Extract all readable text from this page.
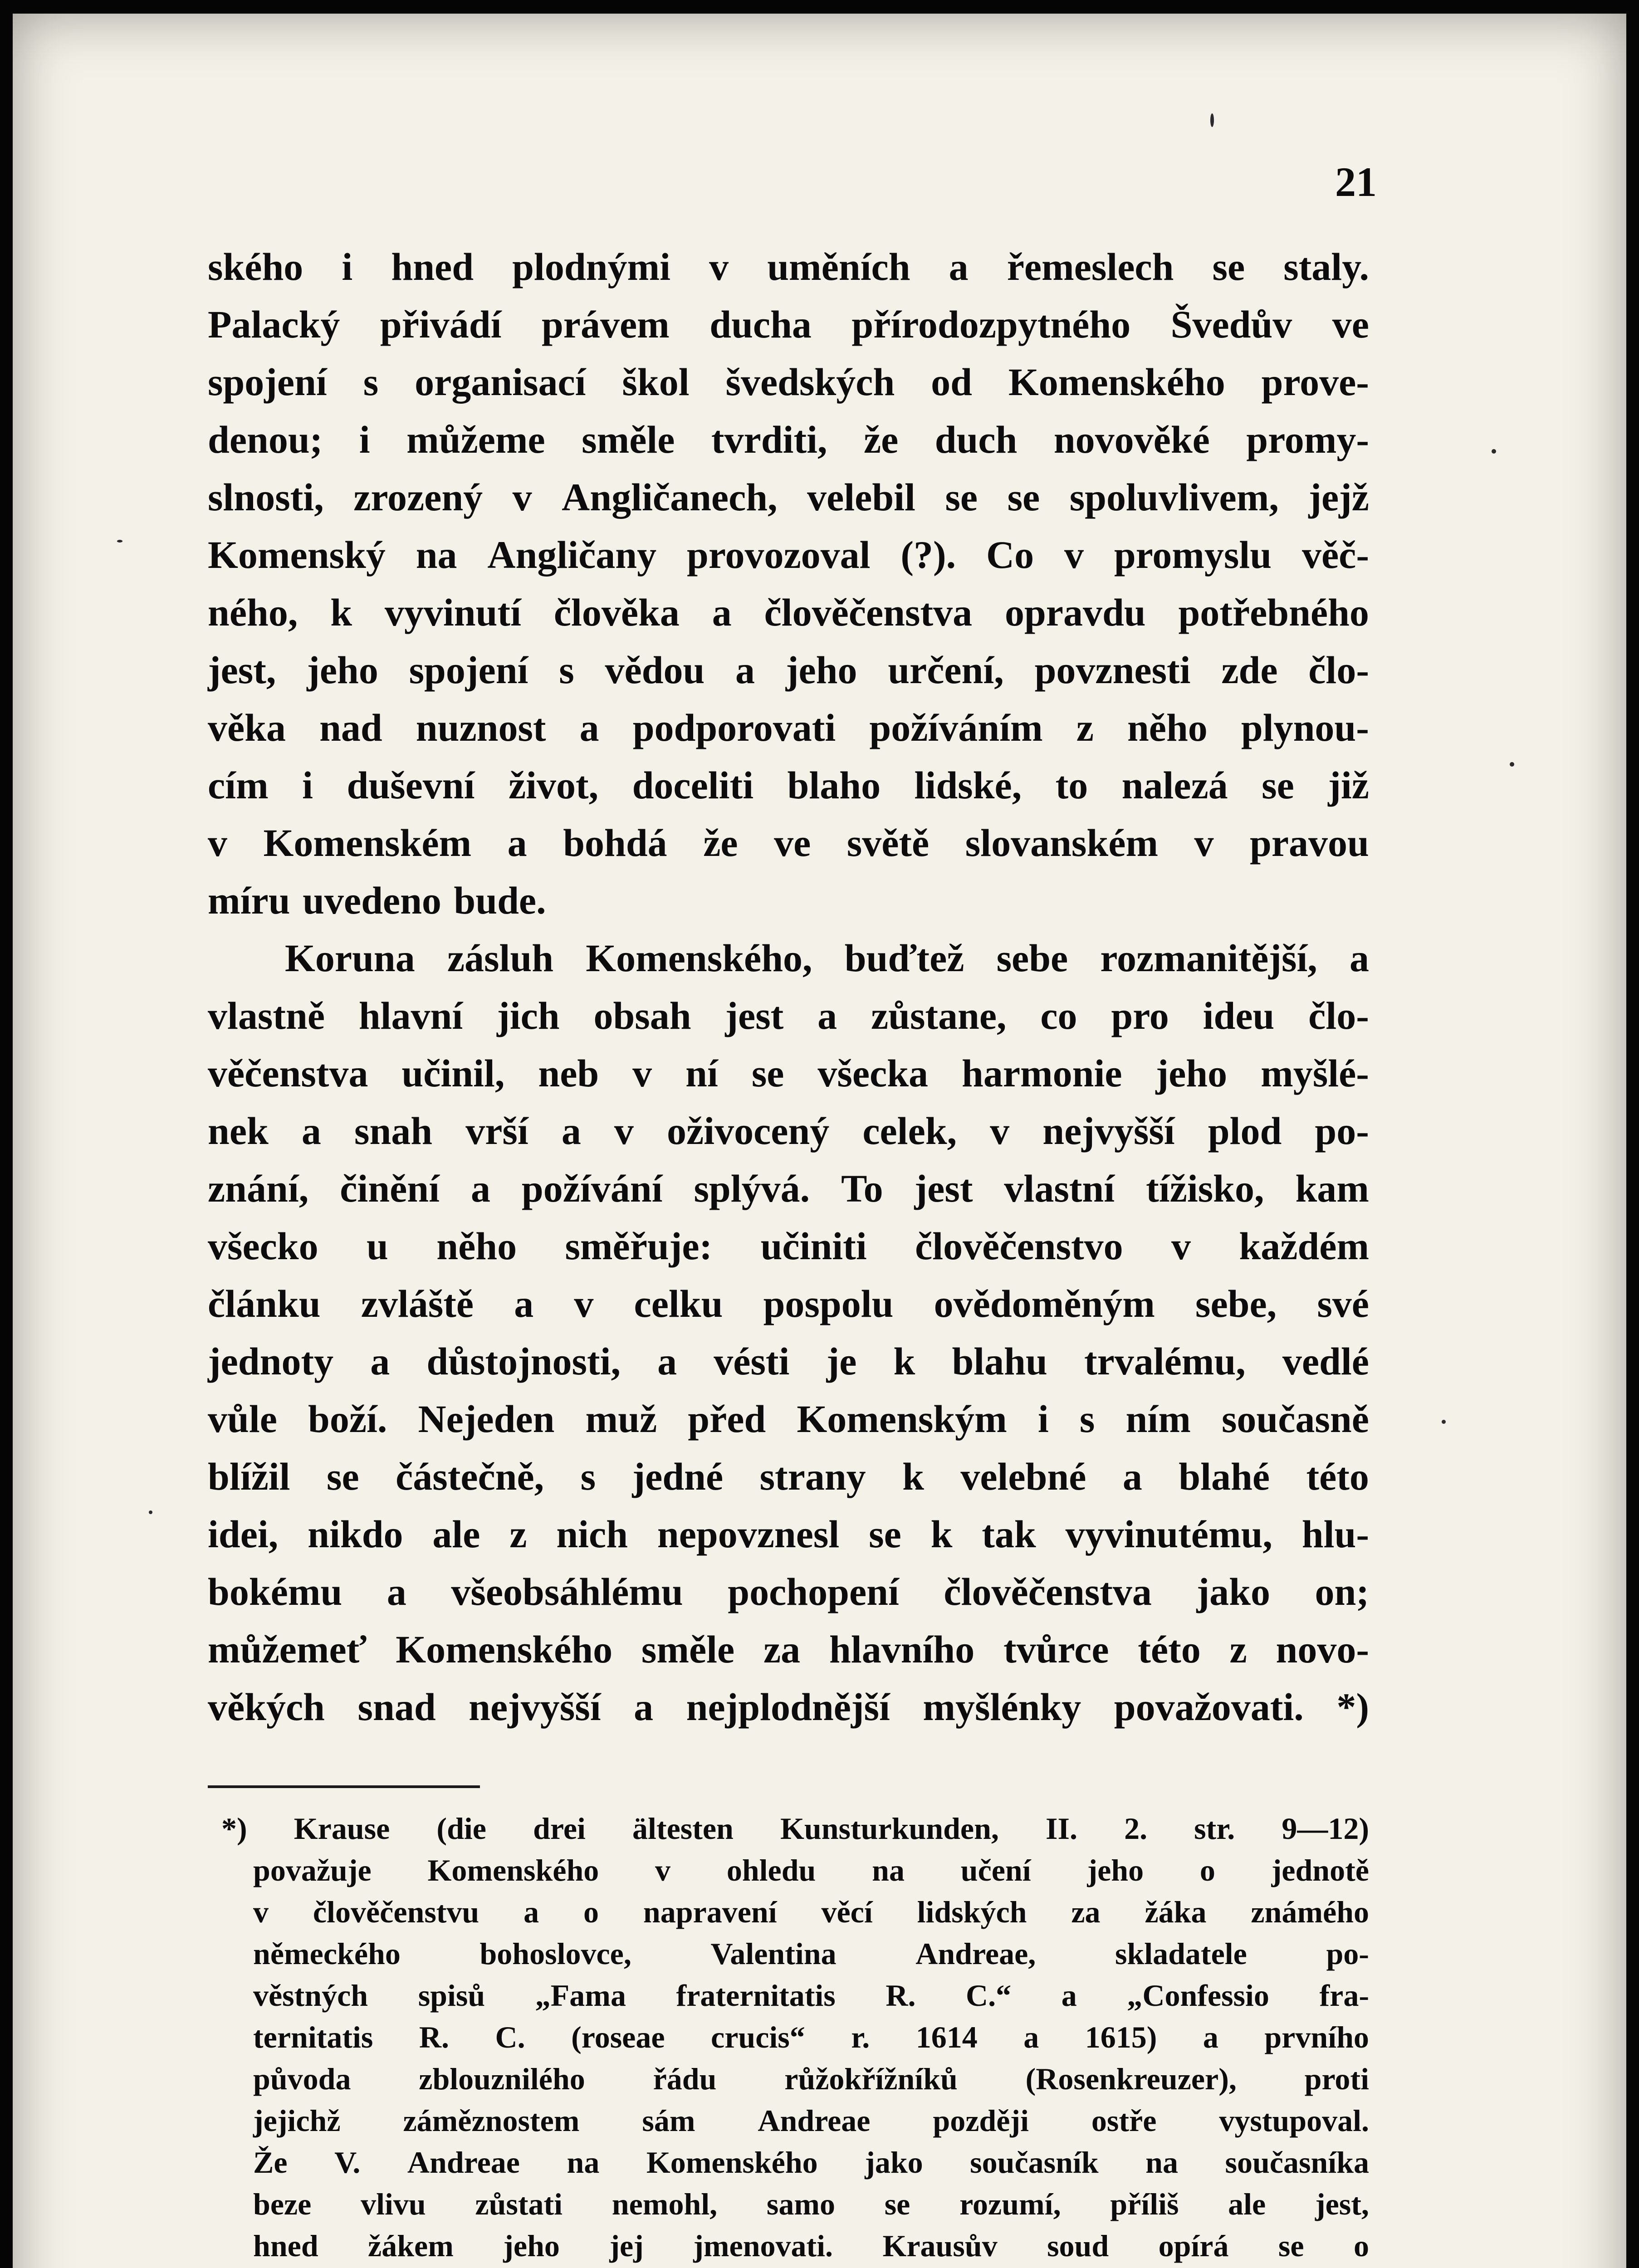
21
ského i hned plodnými v uměních a řemeslech se staly.
Palacký přivádí právem ducha přírodozpytného Švedův ve
spojení s organisací škol švedských od Komenského prove-
denou; i můžeme směle tvrditi, že duch novověké promy-
slnosti, zrozený v Angličanech, velebil se se spoluvlivem, jejž
Komenský na Angličany provozoval (?). Co v promyslu věč-
ného, k vyvinutí člověka a člověčenstva opravdu potřebného
jest, jeho spojení s vědou a jeho určení, povznesti zde člo-
věka nad nuznost a podporovati požíváním z něho plynou-
cím i duševní život, doceliti blaho lidské, to nalezá se již
v Komenském a bohdá že ve světě slovanském v pravou
míru uvedeno bude.
Koruna zásluh Komenského, buďtež sebe rozmanitější, a
vlastně hlavní jich obsah jest a zůstane, co pro ideu člo-
věčenstva učinil, neb v ní se všecka harmonie jeho myšlé-
nek a snah vrší a v oživocený celek, v nejvyšší plod po-
znání, činění a požívání splývá. To jest vlastní tížisko, kam
všecko u něho směřuje: učiniti člověčenstvo v každém
článku zvláště a v celku pospolu ovědoměným sebe, své
jednoty a důstojnosti, a vésti je k blahu trvalému, vedlé
vůle boží. Nejeden muž před Komenským i s ním současně
blížil se částečně, s jedné strany k velebné a blahé této
idei, nikdo ale z nich nepovznesl se k tak vyvinutému, hlu-
bokému a všeobsáhlému pochopení člověčenstva jako on;
můžemeť Komenského směle za hlavního tvůrce této z novo-
věkých snad nejvyšší a nejplodnější myšlénky považovati. *)
*) Krause (die drei ältesten Kunsturkunden, II. 2. str. 9—12)
považuje Komenského v ohledu na učení jeho o jednotě
v člověčenstvu a o napravení věcí lidských za žáka známého
německého	bohoslovce,	Valentina	Andreae,	skladatele	po-
věstných spisů „Fama fraternitatis R. C.“ a „Confessio fra-
ternitatis R. C. (roseae crucis“ r. 1614 a 1615) a prvního
původa zblouznilého řádu růžokřížníků (Rosenkreuzer), proti
jejichž záměznostem sám Andreae později ostře vystupoval.
Že V. Andreae na Komenského jako současník na současníka
beze vlivu zůstati nemohl, samo se rozumí, příliš ale jest,
hned žákem jeho jej jmenovati. Krausův soud opírá se o
